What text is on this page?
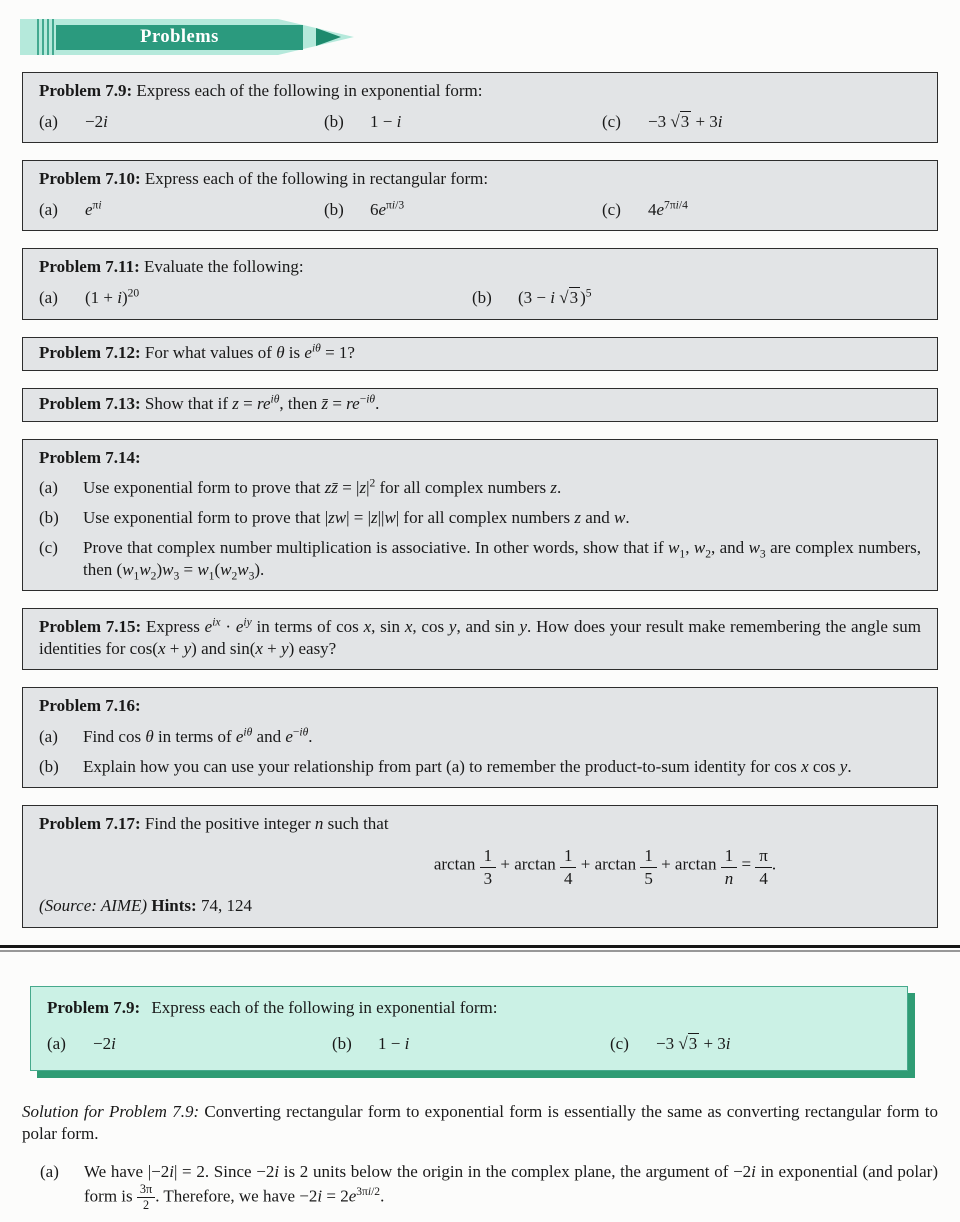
Problems
Problem 7.9: Express each of the following in exponential form:
(a) −2i	(b) 1 − i	(c) −3 √3 + 3i
Problem 7.10: Express each of the following in rectangular form:
(a) $e^{\pi i}$	(b) $6e^{\pi i/3}$	(c) $4e^{7\pi i/4}$
Problem 7.11: Evaluate the following:
(a) $(1 + i)^{20}$	(b) (3 − i √3 )$^5$
Problem 7.12: For what values of θ is $e^{i\theta} = 1$?
Problem 7.13: Show that if $z = re^{i\theta}$, then z̄ = $re^{-i\theta}$.
Problem 7.14:
(a)	Use exponential form to prove that zz̄ = $|z|^2$ for all complex numbers z.
(b)	Use exponential form to prove that |zw| = |z||w| for all complex numbers z and w.
(c)	Prove that complex number multiplication is associative. In other words, show that if $w_1$, $w_2$, and $w_3$ are complex numbers, then $(w_1w_2)w_3 = w_1(w_2w_3)$.
Problem 7.15: Express $e^{ix} \cdot e^{iy}$ in terms of cos x, sin x, cos y, and sin y. How does your result make remembering the angle sum identities for cos(x + y) and sin(x + y) easy?
Problem 7.16:
(a)	Find cos θ in terms of $e^{i\theta}$ and $e^{-i\theta}$.
(b)	Explain how you can use your relationship from part (a) to remember the product-to-sum identity for cos x cos y.
Problem 7.17: Find the positive integer n such that
$\arctan \frac{1}{3} + \arctan \frac{1}{4} + \arctan \frac{1}{5} + \arctan \frac{1}{n} = \frac{\pi}{4}$ .
(Source: AIME) Hints: 74, 124
Problem 7.9: Express each of the following in exponential form:
(a) −2i	(b) 1 − i	(c) −3 √3 + 3i
Solution for Problem 7.9: Converting rectangular form to exponential form is essentially the same as converting rectangular form to polar form.
(a)	We have |−2i| = 2. Since −2i is 2 units below the origin in the complex plane, the argument of −2i in exponential (and polar) form is $\frac{3\pi}{2}$ . Therefore, we have $-2i = 2e^{3\pi i/2}$.
